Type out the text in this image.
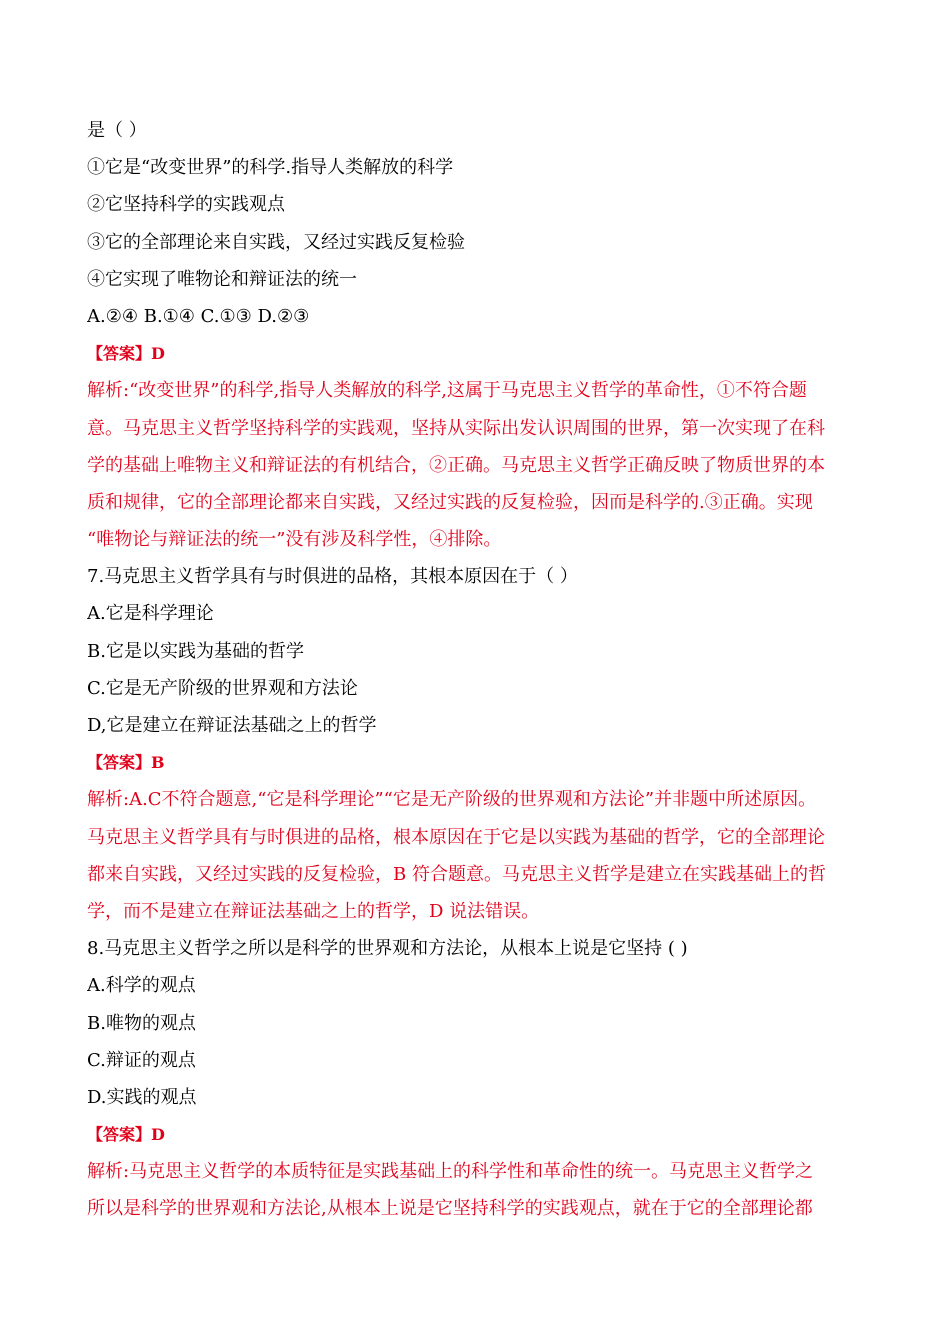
是（ ）
①它是“改变世界”的科学.指导人类解放的科学
②它坚持科学的实践观点
③它的全部理论来自实践，又经过实践反复检验
④它实现了唯物论和辩证法的统一
A.②④ B.①④ C.①③ D.②③
【答案】D
解析:“改变世界”的科学,指导人类解放的科学,这属于马克思主义哲学的革命性，①不符合题
意。马克思主义哲学坚持科学的实践观，坚持从实际出发认识周围的世界，第一次实现了在科
学的基础上唯物主义和辩证法的有机结合，②正确。马克思主义哲学正确反映了物质世界的本
质和规律，它的全部理论都来自实践，又经过实践的反复检验，因而是科学的.③正确。实现
“唯物论与辩证法的统一”没有涉及科学性，④排除。
7.马克思主义哲学具有与时俱进的品格，其根本原因在于（ ）
A.它是科学理论
B.它是以实践为基础的哲学
C.它是无产阶级的世界观和方法论
D,它是建立在辩证法基础之上的哲学
【答案】B
解析:A.C不符合题意,“它是科学理论”“它是无产阶级的世界观和方法论”并非题中所述原因。
马克思主义哲学具有与时俱进的品格，根本原因在于它是以实践为基础的哲学，它的全部理论
都来自实践，又经过实践的反复检验，B 符合题意。马克思主义哲学是建立在实践基础上的哲
学，而不是建立在辩证法基础之上的哲学，D 说法错误。
8.马克思主义哲学之所以是科学的世界观和方法论，从根本上说是它坚持 ( )
A.科学的观点
B.唯物的观点
C.辩证的观点
D.实践的观点
【答案】D
解析:马克思主义哲学的本质特征是实践基础上的科学性和革命性的统一。马克思主义哲学之
所以是科学的世界观和方法论,从根本上说是它坚持科学的实践观点，就在于它的全部理论都
